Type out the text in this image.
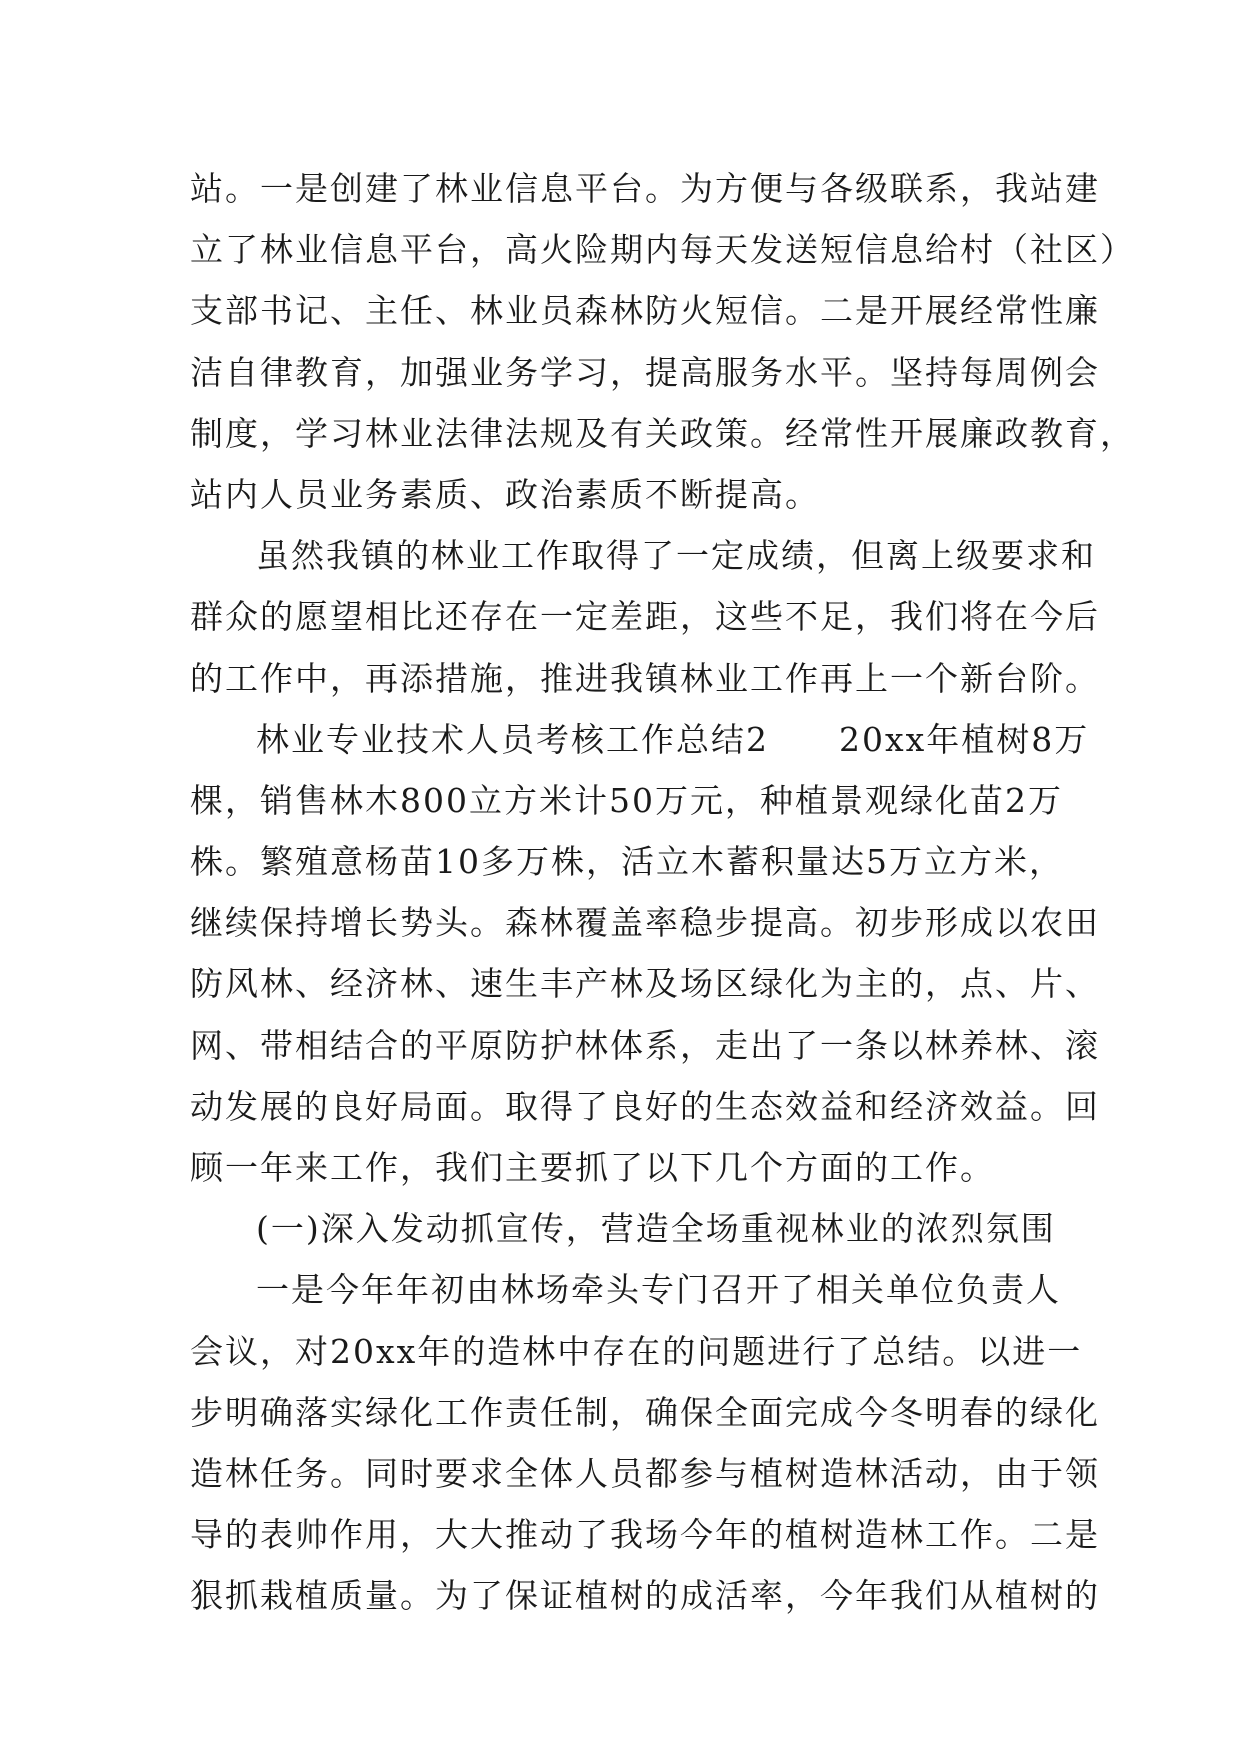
站。一是创建了林业信息平台。为方便与各级联系，我站建
立了林业信息平台，高火险期内每天发送短信息给村（社区）
支部书记、主任、林业员森林防火短信。二是开展经常性廉
洁自律教育，加强业务学习，提高服务水平。坚持每周例会
制度，学习林业法律法规及有关政策。经常性开展廉政教育，
站内人员业务素质、政治素质不断提高。
虽然我镇的林业工作取得了一定成绩，但离上级要求和
群众的愿望相比还存在一定差距，这些不足，我们将在今后
的工作中，再添措施，推进我镇林业工作再上一个新台阶。
林业专业技术人员考核工作总结2　　20xx年植树8万
棵，销售林木800立方米计50万元，种植景观绿化苗2万
株。繁殖意杨苗10多万株，活立木蓄积量达5万立方米，
继续保持增长势头。森林覆盖率稳步提高。初步形成以农田
防风林、经济林、速生丰产林及场区绿化为主的，点、片、
网、带相结合的平原防护林体系，走出了一条以林养林、滚
动发展的良好局面。取得了良好的生态效益和经济效益。回
顾一年来工作，我们主要抓了以下几个方面的工作。
(一)深入发动抓宣传，营造全场重视林业的浓烈氛围
一是今年年初由林场牵头专门召开了相关单位负责人
会议，对20xx年的造林中存在的问题进行了总结。以进一
步明确落实绿化工作责任制，确保全面完成今冬明春的绿化
造林任务。同时要求全体人员都参与植树造林活动，由于领
导的表帅作用，大大推动了我场今年的植树造林工作。二是
狠抓栽植质量。为了保证植树的成活率，今年我们从植树的
